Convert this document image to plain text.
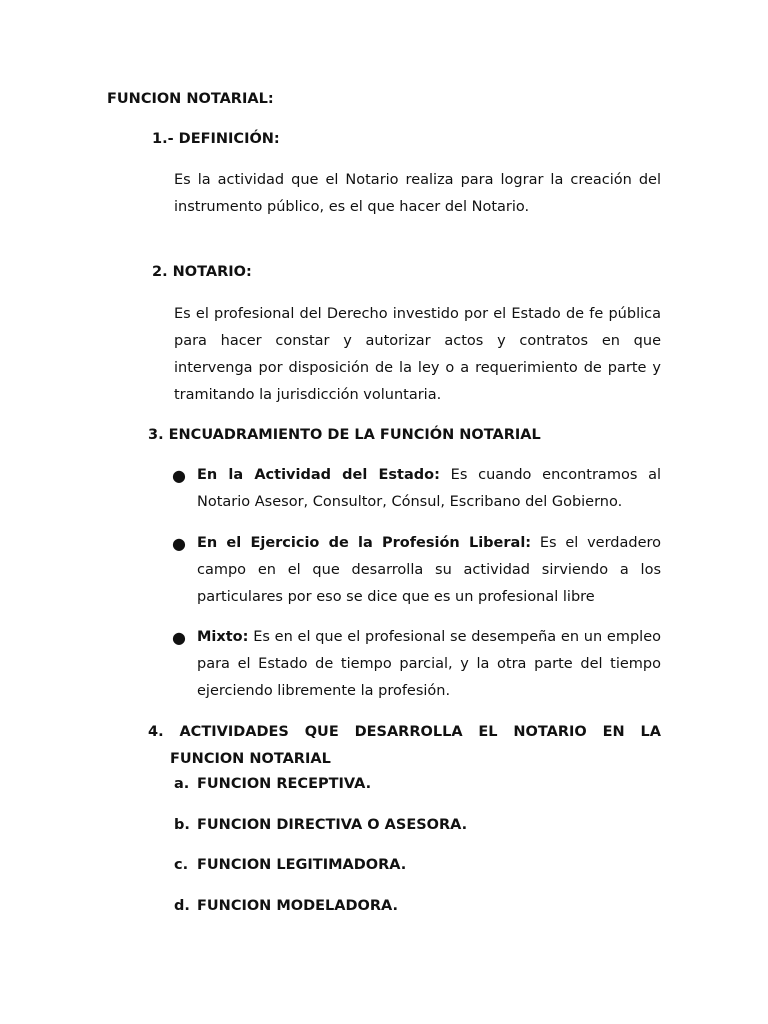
FUNCION NOTARIAL:
1.- DEFINICIÓN:
Es la actividad que el Notario realiza para lograr la creación del instrumento público, es el que hacer del Notario.
2. NOTARIO:
Es el profesional del Derecho investido por el Estado de fe pública para hacer constar y autorizar actos y contratos en que intervenga por disposición de la ley o a requerimiento de parte y tramitando la jurisdicción voluntaria.
3. ENCUADRAMIENTO DE LA FUNCIÓN NOTARIAL
● En la Actividad del Estado: Es cuando encontramos al Notario Asesor, Consultor, Cónsul, Escribano del Gobierno.
● En el Ejercicio de la Profesión Liberal: Es el verdadero campo en el que desarrolla su actividad sirviendo a los particulares por eso se dice que es un profesional libre
● Mixto: Es en el que el profesional se desempeña en un empleo para el Estado de tiempo parcial, y la otra parte del tiempo ejerciendo libremente la profesión.
4. ACTIVIDADES QUE DESARROLLA EL NOTARIO EN LA
FUNCION NOTARIAL
a. FUNCION RECEPTIVA.
b. FUNCION DIRECTIVA O ASESORA.
c. FUNCION LEGITIMADORA.
d. FUNCION MODELADORA.
